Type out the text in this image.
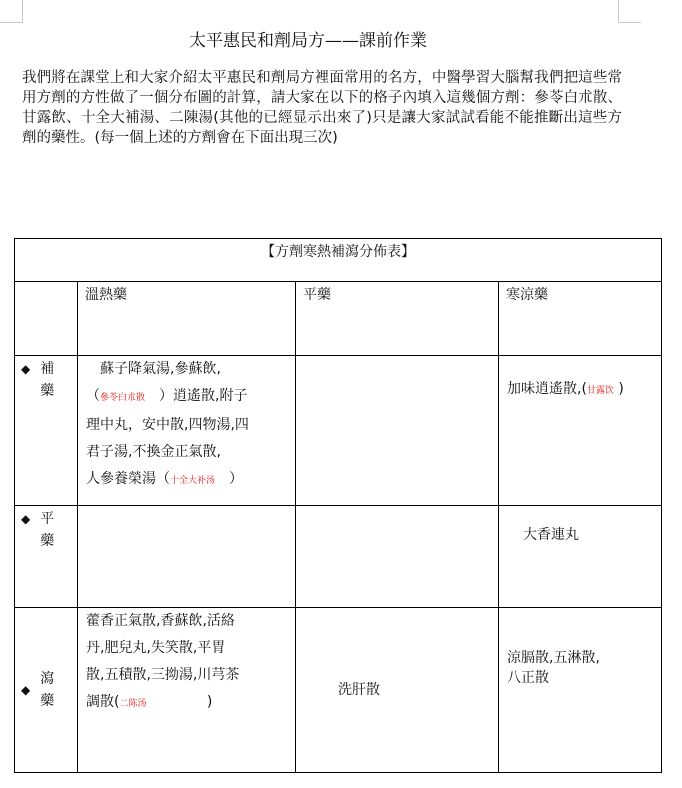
太平惠民和劑局方——課前作業
我們將在課堂上和大家介紹太平惠民和劑局方裡面常用的名方，中醫學習大腦幫我們把這些常用方劑的方性做了一個分布圖的計算，請大家在以下的格子內填入這幾個方劑：參苓白朮散、甘露飲、十全大補湯、二陳湯(其他的已經显示出來了)只是讓大家試試看能不能推斷出這些方劑的藥性。(每一個上述的方劑會在下面出現三次)
【方劑寒熱補瀉分佈表】			
	溫熱藥	平藥	寒涼藥

◆ 補
藥	　蘇子降氣湯,參蘇飲,
（參苓白朮散　）逍遙散,附子
理中丸，安中散,四物湯,四
君子湯,不換金正氣散,
人參養榮湯（十全大补汤　）		加味逍遙散,(甘露饮 )

◆ 平
藥			大香連丸

◆
瀉
藥	藿香正氣散,香蘇飲,活絡
丹,肥兒丸,失笑散,平胃
散,五積散,三拗湯,川芎茶
調散(二陈汤　　　　 )	洗肝散	涼膈散,五淋散,
八正散
